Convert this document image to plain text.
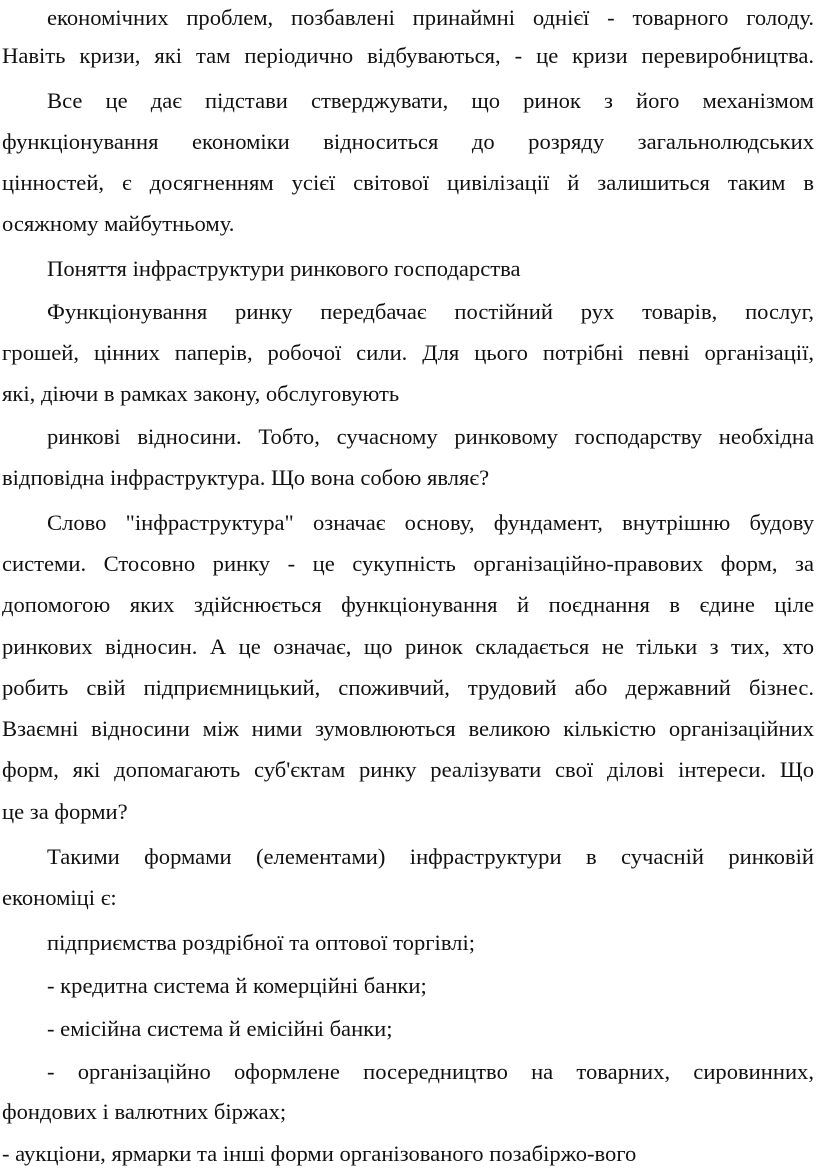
економічних проблем, позбавлені принаймні однієї - товарного голоду.
Навіть кризи, які там періодично відбуваються, - це кризи перевиробництва.
Все це дає підстави стверджувати, що ринок з його механізмом
функціонування економіки відноситься до розряду загальнолюдських
цінностей, є досягненням усієї світової цивілізації й залишиться таким в
осяжному майбутньому.
Поняття інфраструктури ринкового господарства
Функціонування ринку передбачає постійний рух товарів, послуг,
грошей, цінних паперів, робочої сили. Для цього потрібні певні організації,
які, діючи в рамках закону, обслуговують
ринкові відносини. Тобто, сучасному ринковому господарству необхідна
відповідна інфраструктура. Що вона собою являє?
Слово "інфраструктура" означає основу, фундамент, внутрішню будову
системи. Стосовно ринку - це сукупність організаційно-правових форм, за
допомогою яких здійснюється функціонування й поєднання в єдине ціле
ринкових відносин. А це означає, що ринок складається не тільки з тих, хто
робить свій підприємницький, споживчий, трудовий або державний бізнес.
Взаємні відносини між ними зумовлюються великою кількістю організаційних
форм, які допомагають суб'єктам ринку реалізувати свої ділові інтереси. Що
це за форми?
Такими формами (елементами) інфраструктури в сучасній ринковій
економіці є:
підприємства роздрібної та оптової торгівлі;
- кредитна система й комерційні банки;
- емісійна система й емісійні банки;
- організаційно оформлене посередництво на товарних, сировинних,
фондових і валютних біржах;
- аукціони, ярмарки та інші форми організованого позабіржо-вого
